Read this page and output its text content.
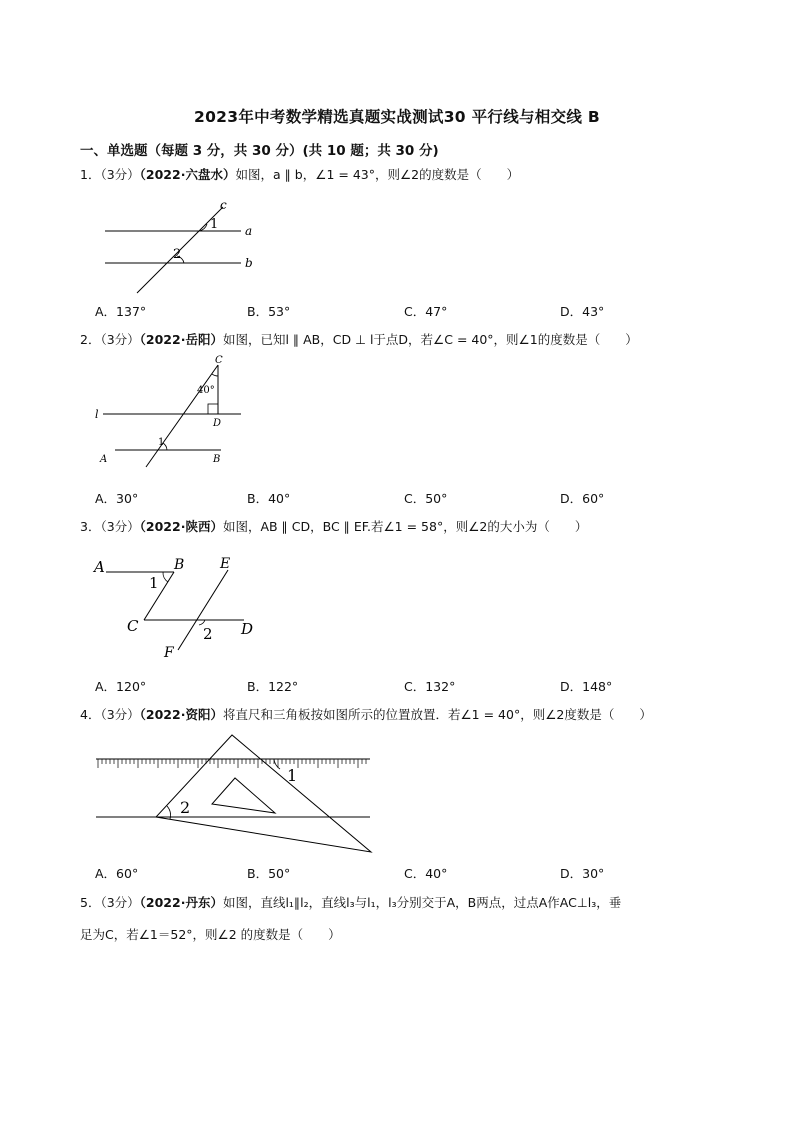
2023年中考数学精选真题实战测试30 平行线与相交线 B
一、单选题（每题 3 分，共 30 分）(共 10 题；共 30 分)
1．（3分）（2022·六盘水）如图，a ∥ b，∠1 = 43°，则∠2的度数是（　　）
c
1 a
2
b
A．137°	B．53°	C．47°	D．43°
2．（3分）（2022·岳阳）如图，已知l ∥ AB，CD ⊥ l于点D，若∠C = 40°，则∠1的度数是（　　）
C
40°
l
D
1
A	B
A．30°	B．40°	C．50°	D．60°
3．（3分）（2022·陕西）如图，AB ∥ CD，BC ∥ EF.若∠1 = 58°，则∠2的大小为（　　）
A	B	E
1
C	2 D
F
A．120°	B．122°	C．132°	D．148°
4．（3分）（2022·资阳）将直尺和三角板按如图所示的位置放置．若∠1 = 40°，则∠2度数是（　　）
1
2
A．60°	B．50°	C．40°	D．30°
5．（3分）（2022·丹东）如图，直线l₁∥l₂，直线l₃与l₁，l₃分别交于A，B两点，过点A作AC⊥l₃，垂
足为C，若∠1＝52°，则∠2 的度数是（　　）
